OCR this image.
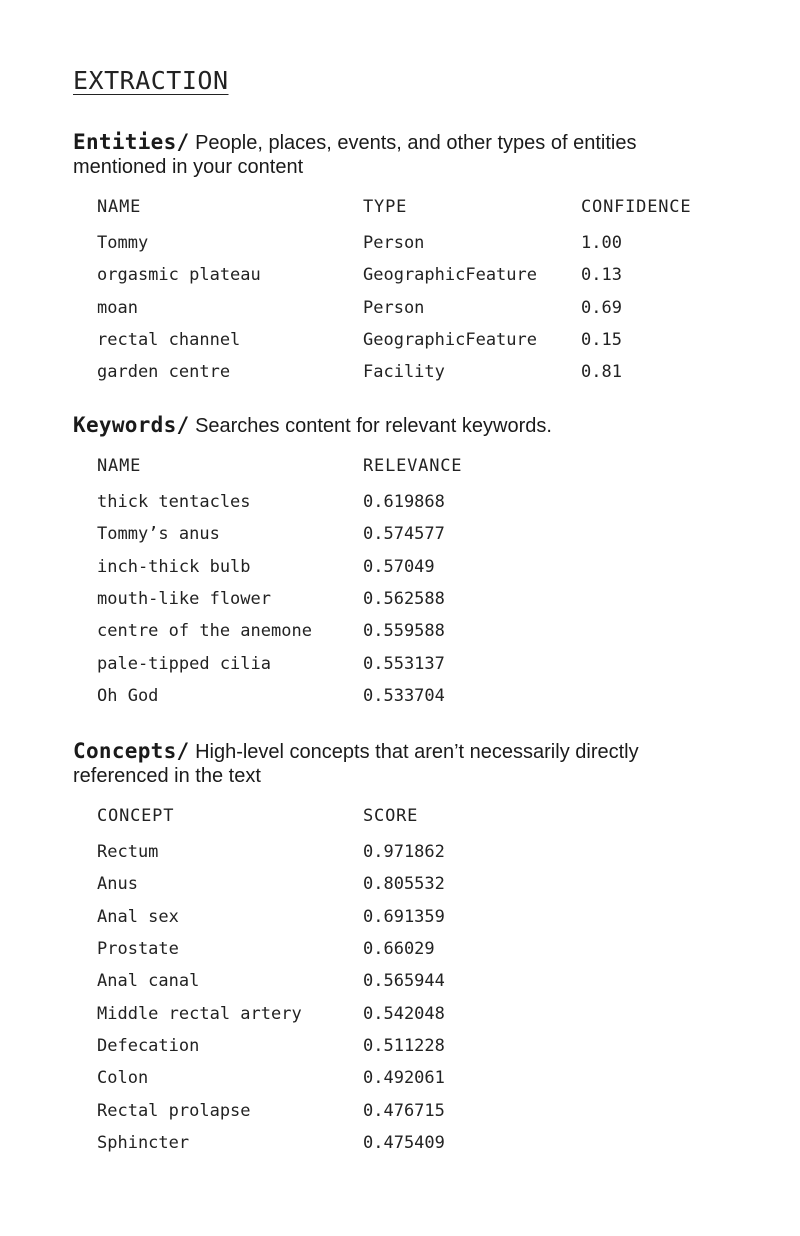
EXTRACTION

Entities/ People, places, events, and other types of entities mentioned in your content

NAME	TYPE	CONFIDENCE
Tommy	Person	1.00
orgasmic plateau	GeographicFeature	0.13
moan	Person	0.69
rectal channel	GeographicFeature	0.15
garden centre	Facility	0.81

Keywords/ Searches content for relevant keywords.

NAME	RELEVANCE
thick tentacles	0.619868
Tommy’s anus	0.574577
inch-thick bulb	0.57049
mouth-like flower	0.562588
centre of the anemone	0.559588
pale-tipped cilia	0.553137
Oh God	0.533704

Concepts/ High-level concepts that aren’t necessarily directly referenced in the text

CONCEPT	SCORE
Rectum	0.971862
Anus	0.805532
Anal sex	0.691359
Prostate	0.66029
Anal canal	0.565944
Middle rectal artery	0.542048
Defecation	0.511228
Colon	0.492061
Rectal prolapse	0.476715
Sphincter	0.475409
